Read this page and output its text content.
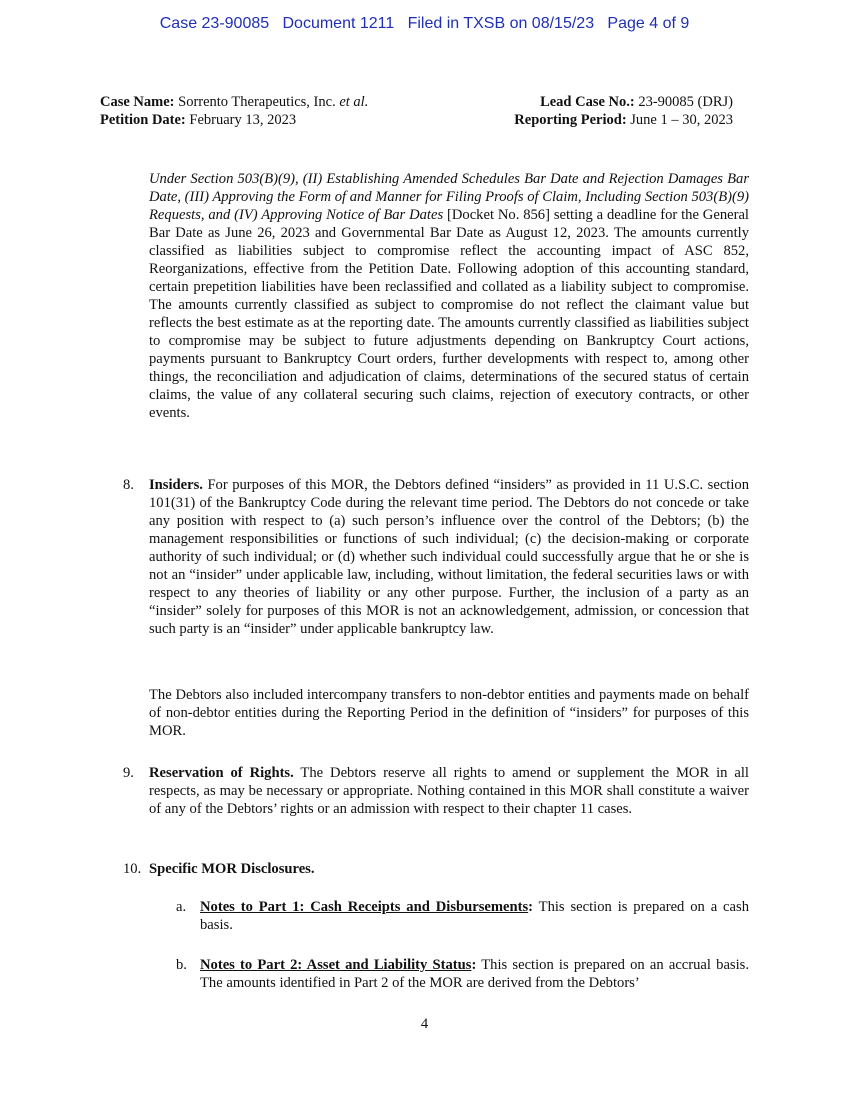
Case 23-90085   Document 1211   Filed in TXSB on 08/15/23   Page 4 of 9
Case Name: Sorrento Therapeutics, Inc. et al.
Petition Date: February 13, 2023
Lead Case No.: 23-90085 (DRJ)
Reporting Period: June 1 – 30, 2023
Under Section 503(B)(9), (II) Establishing Amended Schedules Bar Date and Rejection Damages Bar Date, (III) Approving the Form of and Manner for Filing Proofs of Claim, Including Section 503(B)(9) Requests, and (IV) Approving Notice of Bar Dates [Docket No. 856] setting a deadline for the General Bar Date as June 26, 2023 and Governmental Bar Date as August 12, 2023. The amounts currently classified as liabilities subject to compromise reflect the accounting impact of ASC 852, Reorganizations, effective from the Petition Date. Following adoption of this accounting standard, certain prepetition liabilities have been reclassified and collated as a liability subject to compromise. The amounts currently classified as subject to compromise do not reflect the claimant value but reflects the best estimate as at the reporting date. The amounts currently classified as liabilities subject to compromise may be subject to future adjustments depending on Bankruptcy Court actions, payments pursuant to Bankruptcy Court orders, further developments with respect to, among other things, the reconciliation and adjudication of claims, determinations of the secured status of certain claims, the value of any collateral securing such claims, rejection of executory contracts, or other events.
8. Insiders. For purposes of this MOR, the Debtors defined “insiders” as provided in 11 U.S.C. section 101(31) of the Bankruptcy Code during the relevant time period. The Debtors do not concede or take any position with respect to (a) such person’s influence over the control of the Debtors; (b) the management responsibilities or functions of such individual; (c) the decision-making or corporate authority of such individual; or (d) whether such individual could successfully argue that he or she is not an “insider” under applicable law, including, without limitation, the federal securities laws or with respect to any theories of liability or any other purpose. Further, the inclusion of a party as an “insider” solely for purposes of this MOR is not an acknowledgement, admission, or concession that such party is an “insider” under applicable bankruptcy law.
The Debtors also included intercompany transfers to non-debtor entities and payments made on behalf of non-debtor entities during the Reporting Period in the definition of “insiders” for purposes of this MOR.
9. Reservation of Rights. The Debtors reserve all rights to amend or supplement the MOR in all respects, as may be necessary or appropriate. Nothing contained in this MOR shall constitute a waiver of any of the Debtors’ rights or an admission with respect to their chapter 11 cases.
10. Specific MOR Disclosures.
a. Notes to Part 1: Cash Receipts and Disbursements: This section is prepared on a cash basis.
b. Notes to Part 2: Asset and Liability Status: This section is prepared on an accrual basis. The amounts identified in Part 2 of the MOR are derived from the Debtors’
4
